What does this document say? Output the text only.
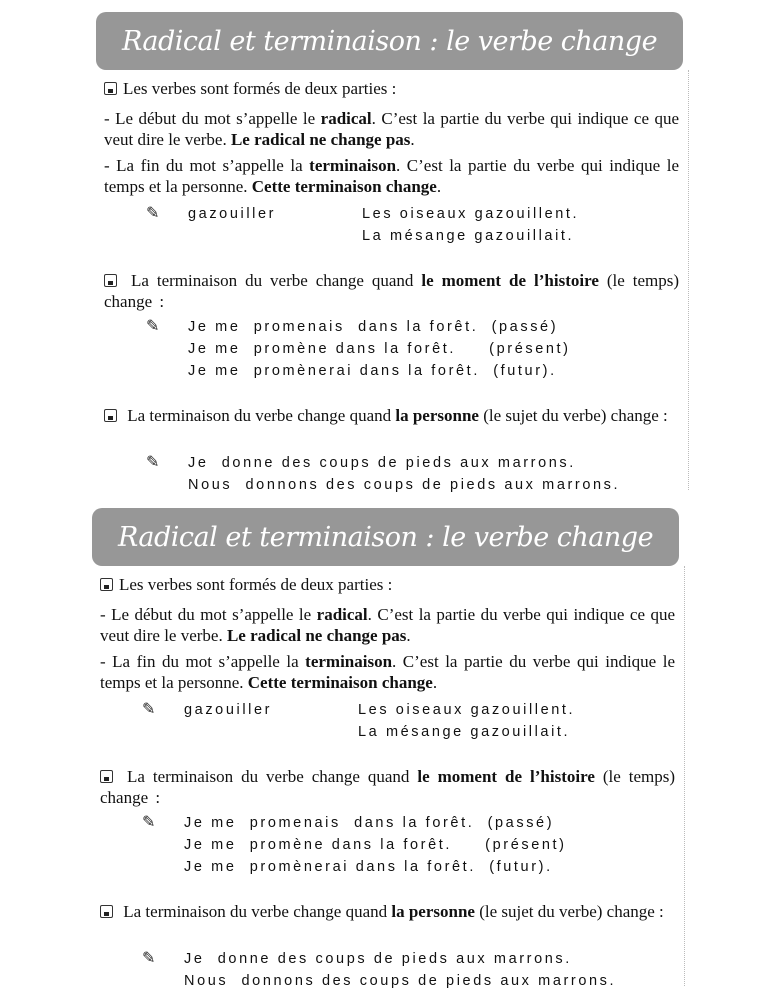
Radical et terminaison : le verbe change
Les verbes sont formés de deux parties :
- Le début du mot s’appelle le radical. C’est la partie du verbe qui indique ce que veut dire le verbe. Le radical ne change pas.
- La fin du mot s’appelle la terminaison. C’est la partie du verbe qui indique le temps et la personne. Cette terminaison change.
✎ gazouiller	Les oiseaux gazouillent.
La mésange gazouillait.
La terminaison du verbe change quand le moment de l’histoire (le temps) change :
✎ Je me  promenais  dans la forêt.  (passé)
Je me  promène dans la forêt.     (présent)
Je me  promènerai dans la forêt.  (futur).
La terminaison du verbe change quand la personne (le sujet du verbe) change :
✎ Je  donne des coups de pieds aux marrons.
Nous  donnons des coups de pieds aux marrons.
Radical et terminaison : le verbe change
Les verbes sont formés de deux parties :
- Le début du mot s’appelle le radical. C’est la partie du verbe qui indique ce que veut dire le verbe. Le radical ne change pas.
- La fin du mot s’appelle la terminaison. C’est la partie du verbe qui indique le temps et la personne. Cette terminaison change.
✎ gazouiller	Les oiseaux gazouillent.
La mésange gazouillait.
La terminaison du verbe change quand le moment de l’histoire (le temps) change :
✎ Je me  promenais  dans la forêt.  (passé)
Je me  promène dans la forêt.     (présent)
Je me  promènerai dans la forêt.  (futur).
La terminaison du verbe change quand la personne (le sujet du verbe) change :
✎ Je  donne des coups de pieds aux marrons.
Nous  donnons des coups de pieds aux marrons.
